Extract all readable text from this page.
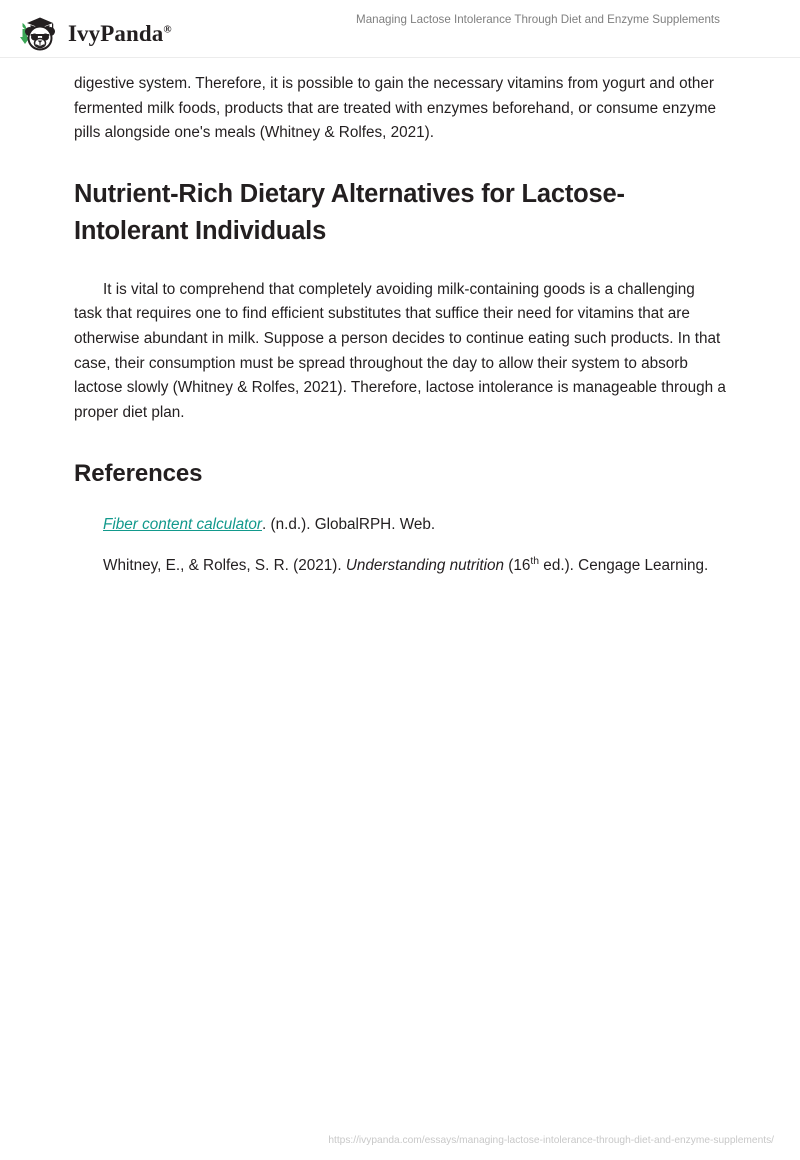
IvyPanda®
Managing Lactose Intolerance Through Diet and Enzyme Supplements

digestive system. Therefore, it is possible to gain the necessary vitamins from yogurt and other fermented milk foods, products that are treated with enzymes beforehand, or consume enzyme pills alongside one's meals (Whitney & Rolfes, 2021).

Nutrient-Rich Dietary Alternatives for Lactose-Intolerant Individuals

It is vital to comprehend that completely avoiding milk-containing goods is a challenging task that requires one to find efficient substitutes that suffice their need for vitamins that are otherwise abundant in milk. Suppose a person decides to continue eating such products. In that case, their consumption must be spread throughout the day to allow their system to absorb lactose slowly (Whitney & Rolfes, 2021). Therefore, lactose intolerance is manageable through a proper diet plan.

References

Fiber content calculator. (n.d.). GlobalRPH. Web.

Whitney, E., & Rolfes, S. R. (2021). Understanding nutrition (16th ed.). Cengage Learning.

https://ivypanda.com/essays/managing-lactose-intolerance-through-diet-and-enzyme-supplements/
